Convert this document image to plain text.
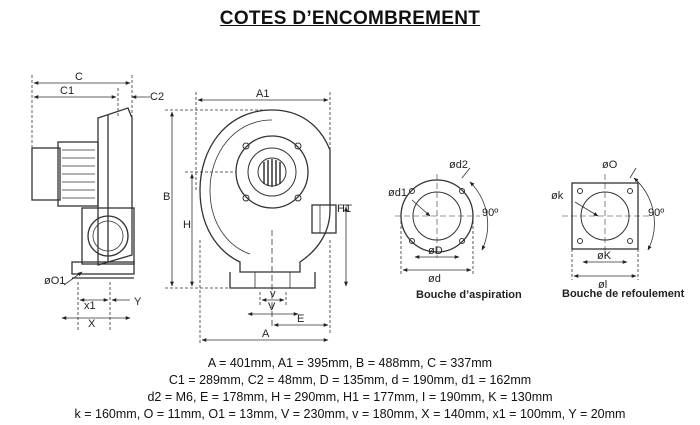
COTES D’ENCOMBREMENT
C
C1	C2
øO1
x1	Y
X
A1
B
H
H1
v
V
E
A
ød1
ød2
øD
ød
90º
Bouche d’aspiration
øk
øO
øK
øl
90º
Bouche de refoulement
A = 401mm, A1 = 395mm, B = 488mm, C = 337mm
C1 = 289mm, C2 = 48mm, D = 135mm, d = 190mm, d1 = 162mm
d2 = M6, E = 178mm, H = 290mm, H1 = 177mm, I = 190mm, K = 130mm
k = 160mm, O = 11mm, O1 = 13mm, V = 230mm, v = 180mm, X = 140mm, x1 = 100mm, Y = 20mm
